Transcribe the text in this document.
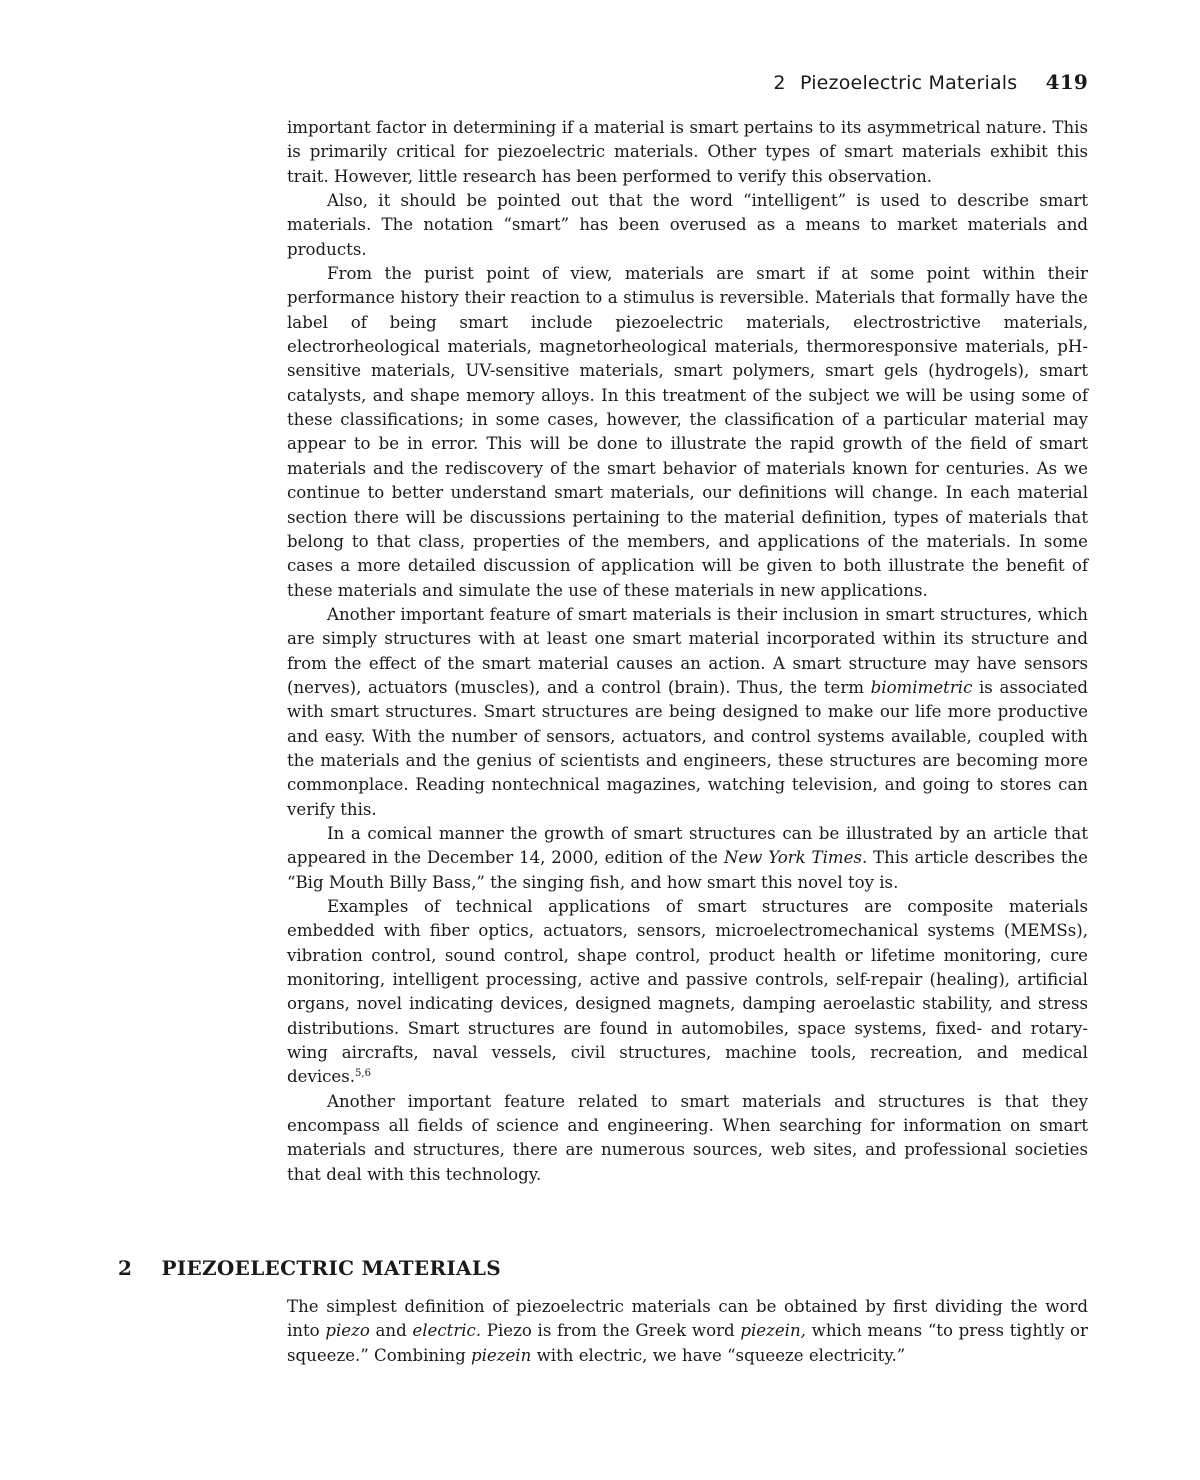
2 Piezoelectric Materials 419

important factor in determining if a material is smart pertains to its asymmetrical nature. This is primarily critical for piezoelectric materials. Other types of smart materials exhibit this trait. However, little research has been performed to verify this observation.

Also, it should be pointed out that the word “intelligent” is used to describe smart materials. The notation “smart” has been overused as a means to market materials and products.

From the purist point of view, materials are smart if at some point within their performance history their reaction to a stimulus is reversible. Materials that formally have the label of being smart include piezoelectric materials, electrostrictive materials, electrorheological materials, magnetorheological materials, thermoresponsive materials, pH-sensitive materials, UV-sensitive materials, smart polymers, smart gels (hydrogels), smart catalysts, and shape memory alloys. In this treatment of the subject we will be using some of these classifications; in some cases, however, the classification of a particular material may appear to be in error. This will be done to illustrate the rapid growth of the field of smart materials and the rediscovery of the smart behavior of materials known for centuries. As we continue to better understand smart materials, our definitions will change. In each material section there will be discussions pertaining to the material definition, types of materials that belong to that class, properties of the members, and applications of the materials. In some cases a more detailed discussion of application will be given to both illustrate the benefit of these materials and simulate the use of these materials in new applications.

Another important feature of smart materials is their inclusion in smart structures, which are simply structures with at least one smart material incorporated within its structure and from the effect of the smart material causes an action. A smart structure may have sensors (nerves), actuators (muscles), and a control (brain). Thus, the term biomimetric is associated with smart structures. Smart structures are being designed to make our life more productive and easy. With the number of sensors, actuators, and control systems available, coupled with the materials and the genius of scientists and engineers, these structures are becoming more commonplace. Reading nontechnical magazines, watching television, and going to stores can verify this.

In a comical manner the growth of smart structures can be illustrated by an article that appeared in the December 14, 2000, edition of the New York Times. This article describes the “Big Mouth Billy Bass,” the singing fish, and how smart this novel toy is.

Examples of technical applications of smart structures are composite materials embedded with fiber optics, actuators, sensors, microelectromechanical systems (MEMSs), vibration control, sound control, shape control, product health or lifetime monitoring, cure monitoring, intelligent processing, active and passive controls, self-repair (healing), artificial organs, novel indicating devices, designed magnets, damping aeroelastic stability, and stress distributions. Smart structures are found in automobiles, space systems, fixed- and rotary-wing aircrafts, naval vessels, civil structures, machine tools, recreation, and medical devices.$^{5,6}$

Another important feature related to smart materials and structures is that they encompass all fields of science and engineering. When searching for information on smart materials and structures, there are numerous sources, web sites, and professional societies that deal with this technology.

2 PIEZOELECTRIC MATERIALS

The simplest definition of piezoelectric materials can be obtained by first dividing the word into piezo and electric. Piezo is from the Greek word piezein, which means “to press tightly or squeeze.” Combining piezein with electric, we have “squeeze electricity.”
